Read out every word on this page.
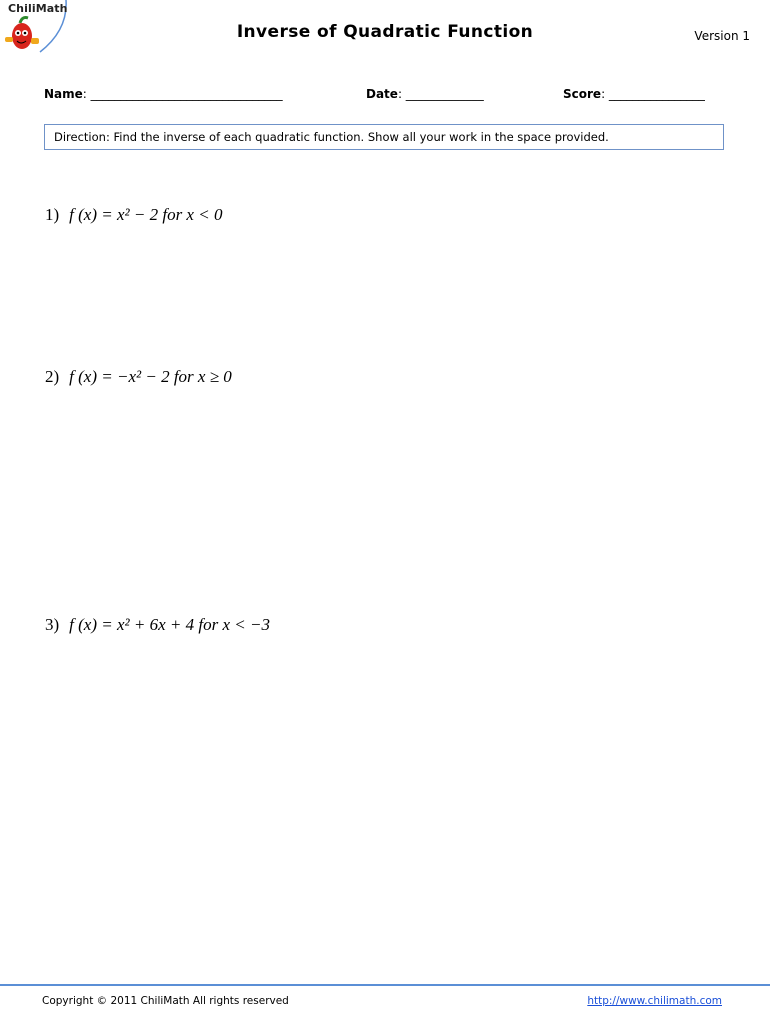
ChiliMath
Inverse of Quadratic Function	Version 1
Name: ________________________________	Date: _____________	Score: ________________
Direction: Find the inverse of each quadratic function. Show all your work in the space provided.
1) f (x) = x² − 2 for x < 0
2) f (x) = −x² − 2 for x ≥ 0
3) f (x) = x² + 6x + 4 for x < −3
Copyright © 2011 ChiliMath All rights reserved	http://www.chilimath.com
